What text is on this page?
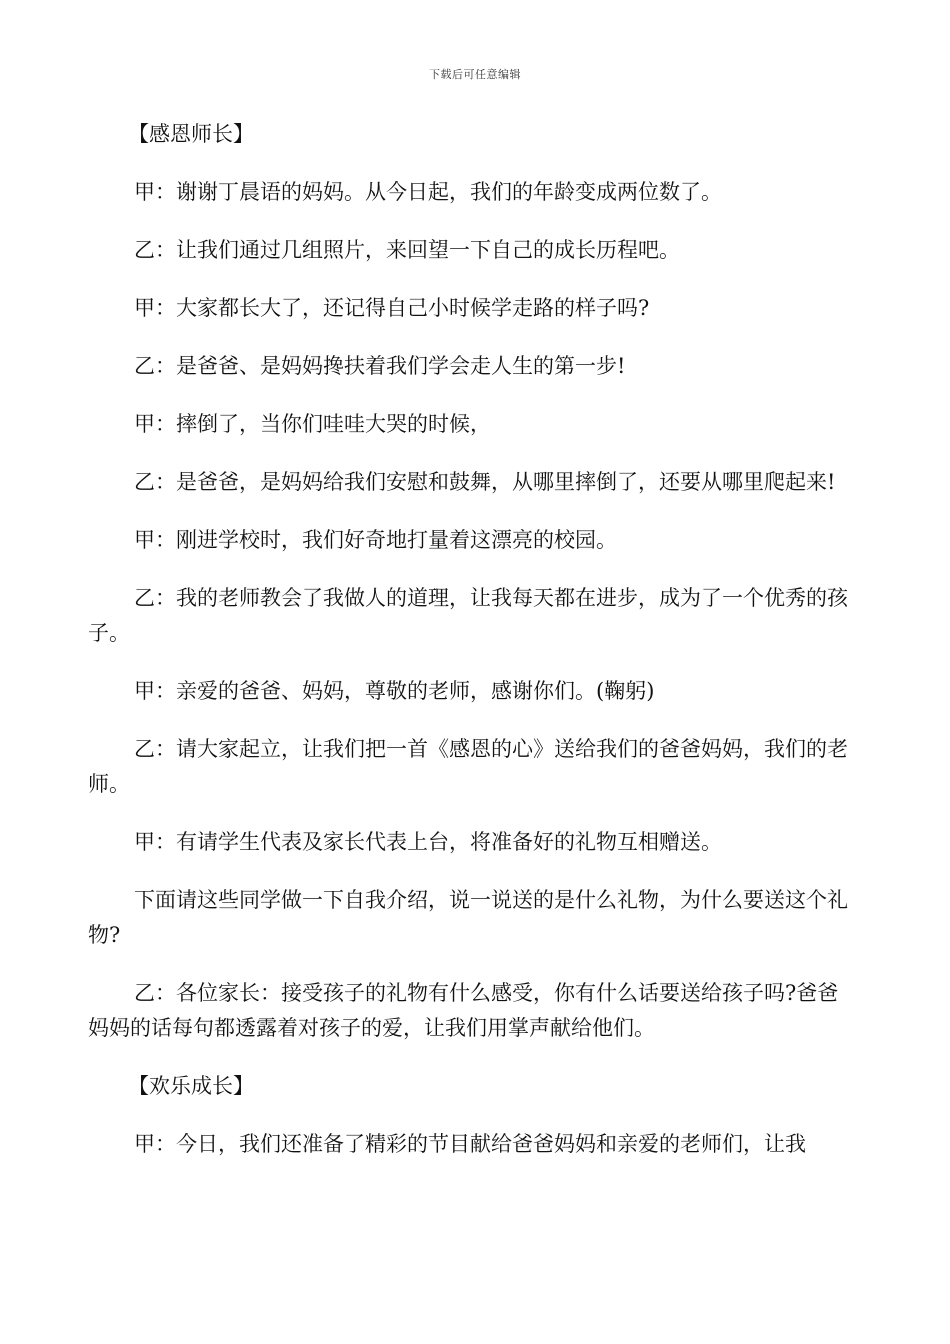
下载后可任意编辑

【感恩师长】

甲：谢谢丁晨语的妈妈。从今日起，我们的年龄变成两位数了。

乙：让我们通过几组照片，来回望一下自己的成长历程吧。

甲：大家都长大了，还记得自己小时候学走路的样子吗?

乙：是爸爸、是妈妈搀扶着我们学会走人生的第一步!

甲：摔倒了，当你们哇哇大哭的时候，

乙：是爸爸，是妈妈给我们安慰和鼓舞，从哪里摔倒了，还要从哪里爬起来!

甲：刚进学校时，我们好奇地打量着这漂亮的校园。

乙：我的老师教会了我做人的道理，让我每天都在进步，成为了一个优秀的孩子。

甲：亲爱的爸爸、妈妈，尊敬的老师，感谢你们。(鞠躬)

乙：请大家起立，让我们把一首《感恩的心》送给我们的爸爸妈妈，我们的老师。

甲：有请学生代表及家长代表上台，将准备好的礼物互相赠送。

下面请这些同学做一下自我介绍，说一说送的是什么礼物，为什么要送这个礼物?

乙：各位家长：接受孩子的礼物有什么感受，你有什么话要送给孩子吗?爸爸妈妈的话每句都透露着对孩子的爱，让我们用掌声献给他们。

【欢乐成长】

甲：今日，我们还准备了精彩的节目献给爸爸妈妈和亲爱的老师们，让我
